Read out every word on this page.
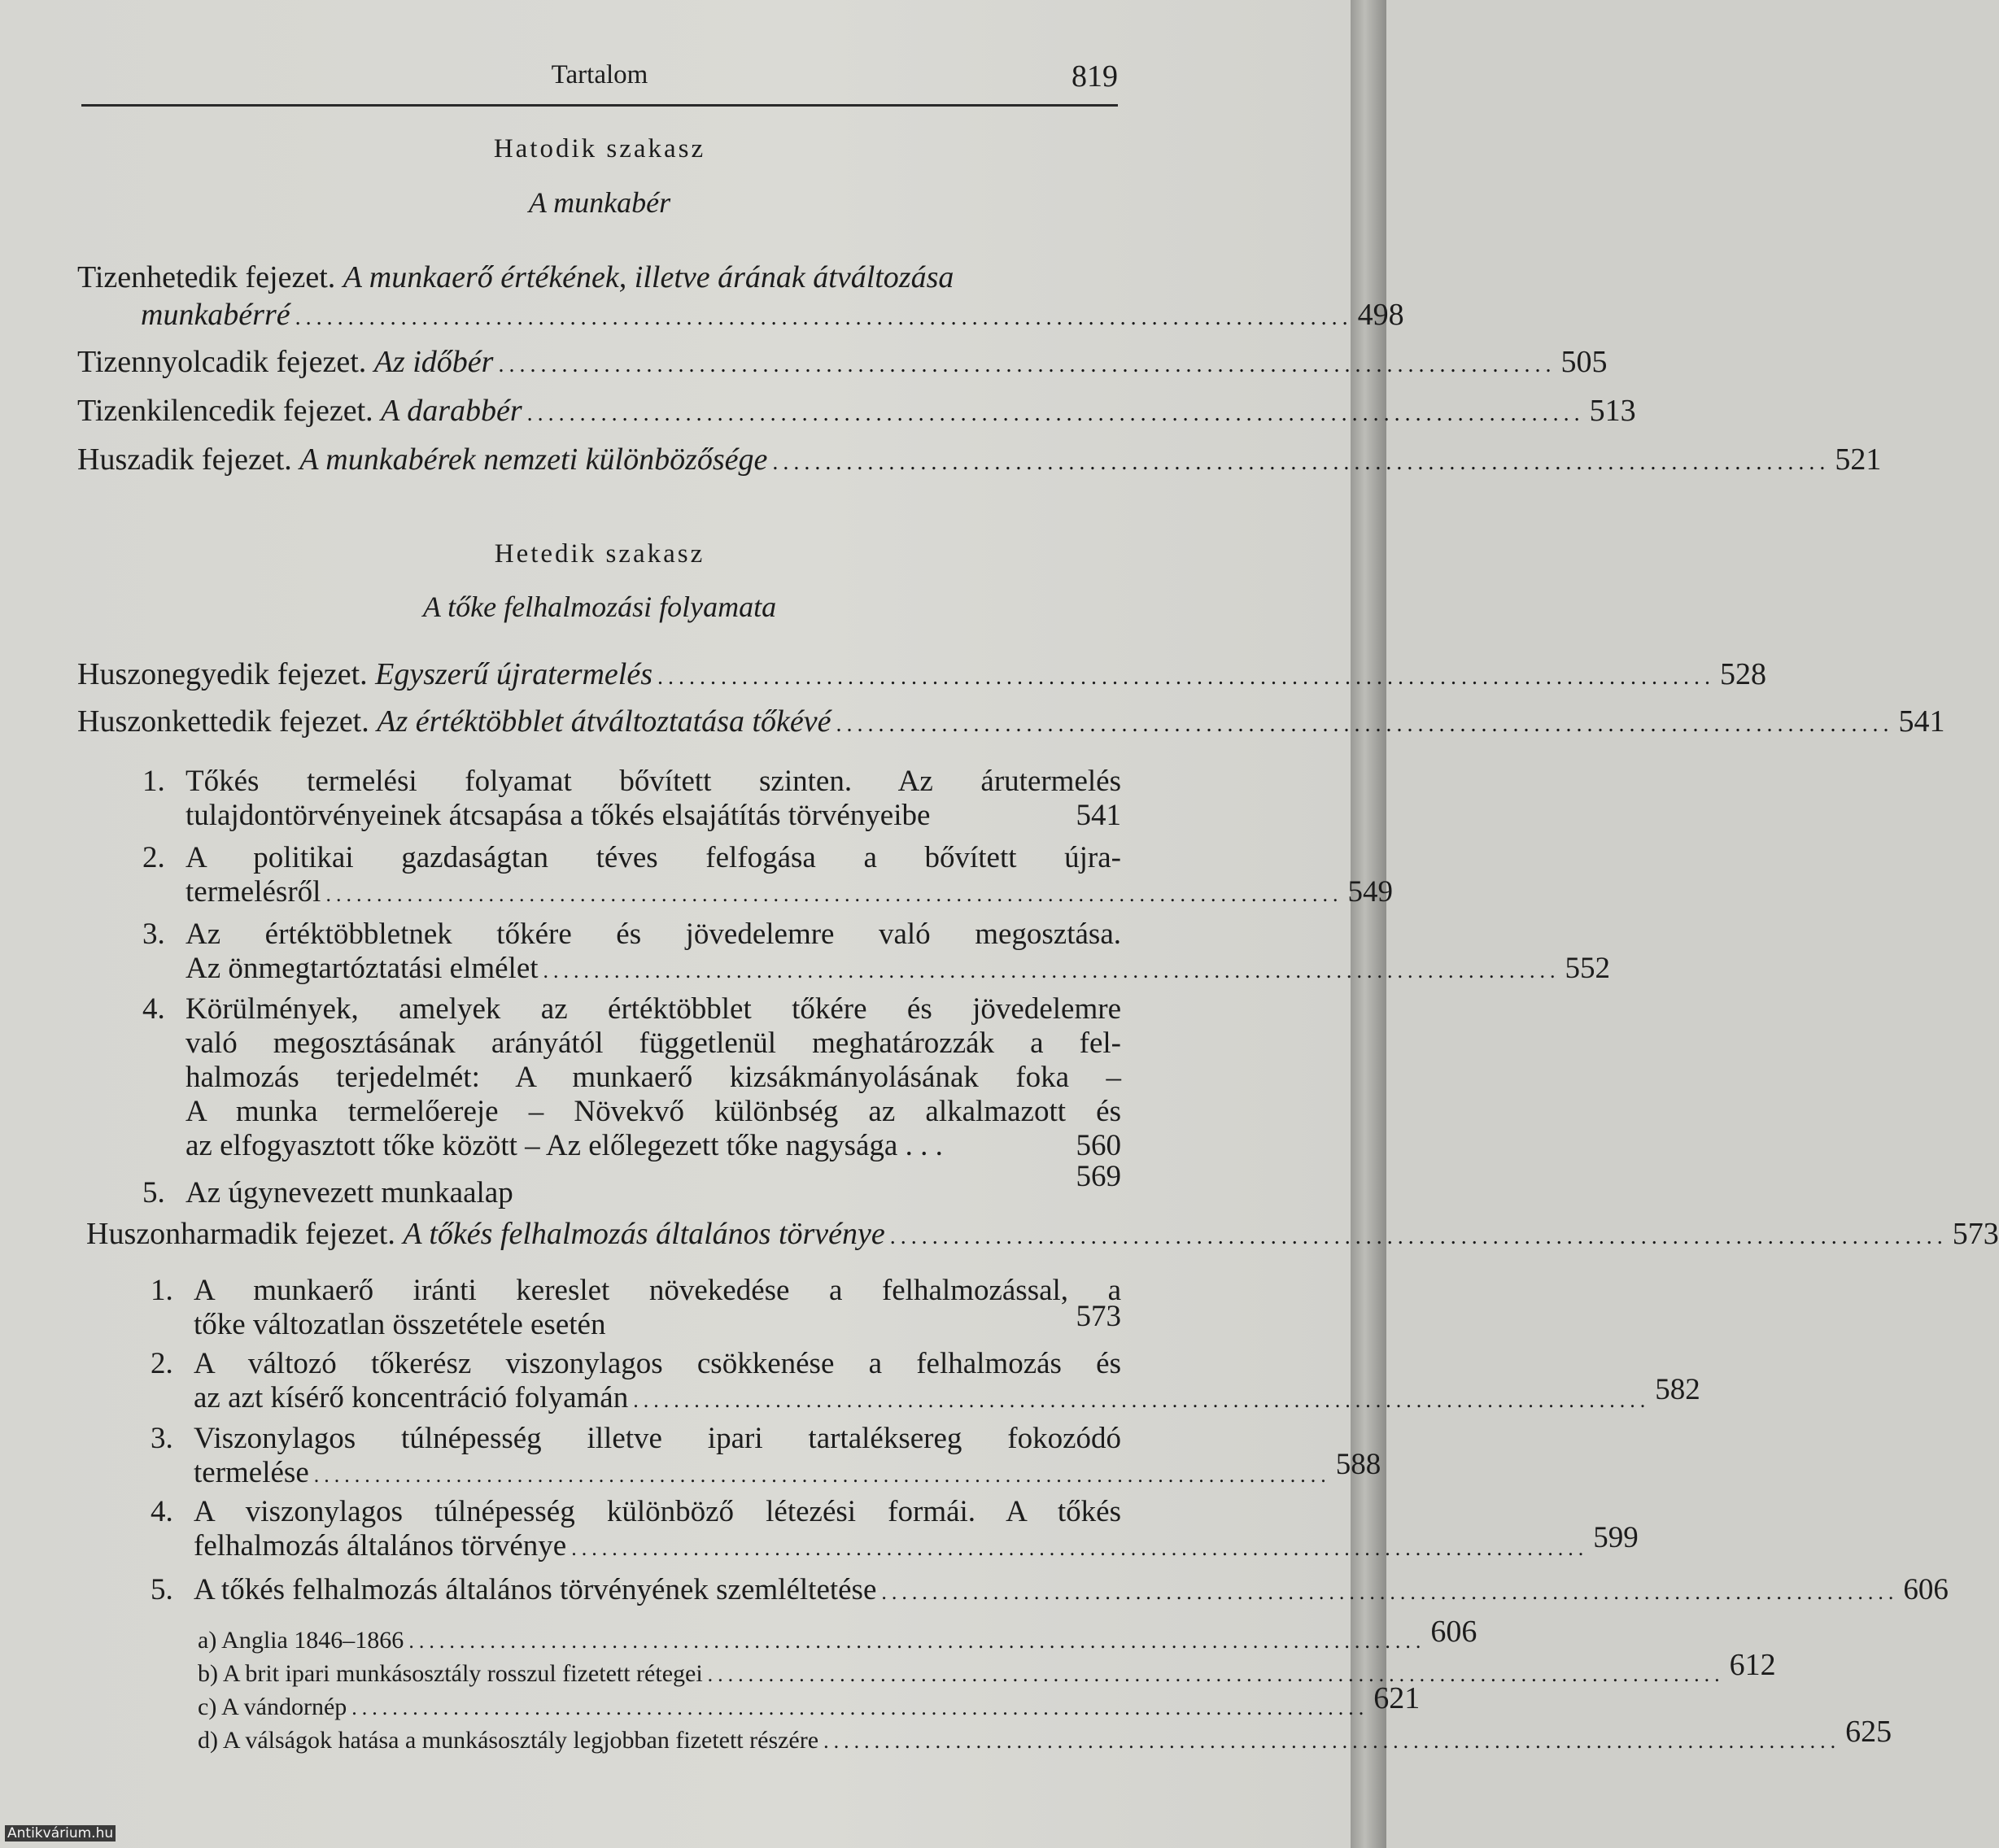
Tartalom	819
Hatodik szakasz
A munkabér
Tizenhetedik fejezet. A munkaerő értékének, illetve árának átváltozása
munkabérré .................................................................................................... 498
Tizennyolcadik fejezet. Az időbér .................................................................................................... 505
Tizenkilencedik fejezet. A darabbér .................................................................................................... 513
Huszadik fejezet. A munkabérek nemzeti különbözősége .................................................................................................... 521
Hetedik szakasz
A tőke felhalmozási folyamata
Huszonegyedik fejezet. Egyszerű újratermelés .................................................................................................... 528
Huszonkettedik fejezet. Az értéktöbblet átváltoztatása tőkévé .................................................................................................... 541
1. Tőkés termelési folyamat bővített szinten. Az árutermelés
tulajdontörvényeinek átcsapása a tőkés elsajátítás törvényeibe	541
2. A politikai gazdaságtan téves felfogása a bővített újra-
termelésről .................................................................................................... 549
3. Az értéktöbbletnek tőkére és jövedelemre való megosztása.
Az önmegtartóztatási elmélet .................................................................................................... 552
4. Körülmények, amelyek az értéktöbblet tőkére és jövedelemre
való megosztásának arányától függetlenül meghatározzák a fel-
halmozás terjedelmét: A munkaerő kizsákmányolásának foka –
A munka termelőereje – Növekvő különbség az alkalmazott és
az elfogyasztott tőke között – Az előlegezett tőke nagysága . . .	560
5. Az úgynevezett munkaalap	569
Huszonharmadik fejezet. A tőkés felhalmozás általános törvénye .................................................................................................... 573
1. A munkaerő iránti kereslet növekedése a felhalmozással, a
tőke változatlan összetétele esetén	573
2. A változó tőkerész viszonylagos csökkenése a felhalmozás és
az azt kísérő koncentráció folyamán .................................................................................................... 582
3. Viszonylagos túlnépesség illetve ipari tartaléksereg fokozódó
termelése .................................................................................................... 588
4. A viszonylagos túlnépesség különböző létezési formái. A tőkés
felhalmozás általános törvénye .................................................................................................... 599
5. A tőkés felhalmozás általános törvényének szemléltetése .................................................................................................... 606
a) Anglia 1846–1866 .................................................................................................... 606
b) A brit ipari munkásosztály rosszul fizetett rétegei .................................................................................................... 612
c) A vándornép .................................................................................................... 621
d) A válságok hatása a munkásosztály legjobban fizetett részére .................................................................................................... 625
Antikvárium.hu
